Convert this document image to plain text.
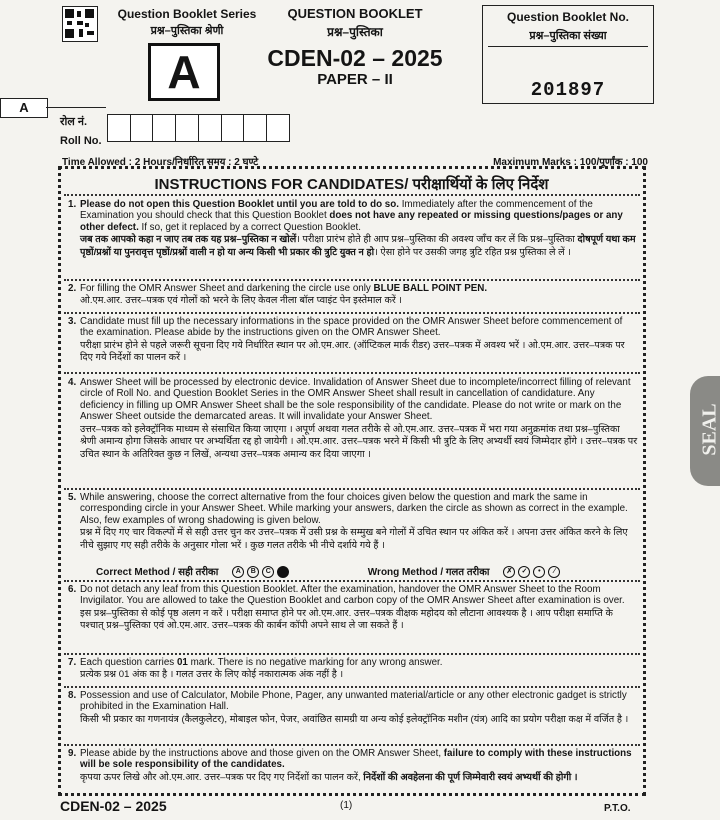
Question Booklet Series
प्रश्न–पुस्तिका श्रेणी
A
QUESTION BOOKLET
प्रश्न–पुस्तिका
CDEN-02 – 2025
PAPER – II
Question Booklet No.
प्रश्न–पुस्तिका संख्या
201897
A
रोल नं.
Roll No.
Time Allowed : 2 Hours/निर्धारित समय : 2 घण्टे	Maximum Marks : 100/पूर्णांक : 100
INSTRUCTIONS FOR CANDIDATES/ परीक्षार्थियों के लिए निर्देश
1. Please do not open this Question Booklet until you are told to do so. Immediately after the commencement of the Examination you should check that this Question Booklet does not have any repeated or missing questions/pages or any other defect. If so, get it replaced by a correct Question Booklet.
जब तक आपको कहा न जाए तब तक यह प्रश्न–पुस्तिका न खोलें। परीक्षा प्रारंभ होते ही आप प्रश्न–पुस्तिका की अवश्य जाँच कर लें कि प्रश्न–पुस्तिका दोषपूर्ण यथा कम पृष्ठों/प्रश्नों या पुनरावृत्त पृष्ठों/प्रश्नों वाली न हो या अन्य किसी भी प्रकार की त्रुटि युक्त न हो। ऐसा होने पर उसकी जगह त्रुटि रहित प्रश्न पुस्तिका ले लें ।
2. For filling the OMR Answer Sheet and darkening the circle use only BLUE BALL POINT PEN.
ओ.एम.आर. उत्तर–पत्रक एवं गोलों को भरने के लिए केवल नीला बॉल प्वाइंट पेन इस्तेमाल करें ।
3. Candidate must fill up the necessary informations in the space provided on the OMR Answer Sheet before commencement of the examination. Please abide by the instructions given on the OMR Answer Sheet.
परीक्षा प्रारंभ होने से पहले जरूरी सूचना दिए गये निर्धारित स्थान पर ओ.एम.आर. (ऑप्टिकल मार्क रीडर) उत्तर–पत्रक में अवश्य भरें । ओ.एम.आर. उत्तर–पत्रक पर दिए गये निर्देशों का पालन करें ।
4. Answer Sheet will be processed by electronic device. Invalidation of Answer Sheet due to incomplete/incorrect filling of relevant circle of Roll No. and Question Booklet Series in the OMR Answer Sheet shall result in cancellation of candidature. Any deficiency in filling up OMR Answer Sheet shall be the sole responsibility of the candidate. Please do not write or mark on the Answer Sheet outside the demarcated areas. It will invalidate your Answer Sheet.
उत्तर–पत्रक को इलेक्ट्रॉनिक माध्यम से संसाधित किया जाएगा । अपूर्ण अथवा गलत तरीके से ओ.एम.आर. उत्तर–पत्रक में भरा गया अनुक्रमांक तथा प्रश्न–पुस्तिका श्रेणी अमान्य होगा जिसके आधार पर अभ्यर्थिता रद्द हो जायेगी । ओ.एम.आर. उत्तर–पत्रक भरने में किसी भी त्रुटि के लिए अभ्यर्थी स्वयं जिम्मेदार होंगे । उत्तर–पत्रक पर उचित स्थान के अतिरिक्त कुछ न लिखें, अन्यथा उत्तर–पत्रक अमान्य कर दिया जाएगा ।
5. While answering, choose the correct alternative from the four choices given below the question and mark the same in corresponding circle in your Answer Sheet. While marking your answers, darken the circle as shown as correct in the example. Also, few examples of wrong shadowing is given below.
प्रश्न में दिए गए चार विकल्पों में से सही उत्तर चुन कर उत्तर–पत्रक में उसी प्रश्न के सम्मुख बने गोलों में उचित स्थान पर अंकित करें । अपना उत्तर अंकित करने के लिए नीचे सुझाए गए सही तरीके के अनुसार गोला भरें । कुछ गलत तरीके भी नीचे दर्शाये गये हैं ।
Correct Method / सही तरीका A B C	Wrong Method / गलत तरीका ✗ ✓ • ∕
6. Do not detach any leaf from this Question Booklet. After the examination, handover the OMR Answer Sheet to the Room Invigilator. You are allowed to take the Question Booklet and carbon copy of the OMR Answer Sheet after examination is over.
इस प्रश्न–पुस्तिका से कोई पृष्ठ अलग न करें । परीक्षा समाप्त होने पर ओ.एम.आर. उत्तर–पत्रक वीक्षक महोदय को लौटाना आवश्यक है । आप परीक्षा समाप्ति के पश्चात् प्रश्न–पुस्तिका एवं ओ.एम.आर. उत्तर–पत्रक की कार्बन कॉपी अपने साथ ले जा सकते हैं ।
7. Each question carries 01 mark. There is no negative marking for any wrong answer.
प्रत्येक प्रश्न 01 अंक का है । गलत उत्तर के लिए कोई नकारात्मक अंक नहीं है ।
8. Possession and use of Calculator, Mobile Phone, Pager, any unwanted material/article or any other electronic gadget is strictly prohibited in the Examination Hall.
किसी भी प्रकार का गणनायंत्र (कैलकुलेटर), मोबाइल फोन, पेजर, अवांछित सामग्री या अन्य कोई इलेक्ट्रॉनिक मशीन (यंत्र) आदि का प्रयोग परीक्षा कक्ष में वर्जित है ।
9. Please abide by the instructions above and those given on the OMR Answer Sheet, failure to comply with these instructions will be sole responsibility of the candidates.
कृपया ऊपर लिखे और ओ.एम.आर. उत्तर–पत्रक पर दिए गए निर्देशों का पालन करें, निर्देशों की अवहेलना की पूर्ण जिम्मेवारी स्वयं अभ्यर्थी की होगी ।
CDEN-02 – 2025	(1)	P.T.O.
SEAL
